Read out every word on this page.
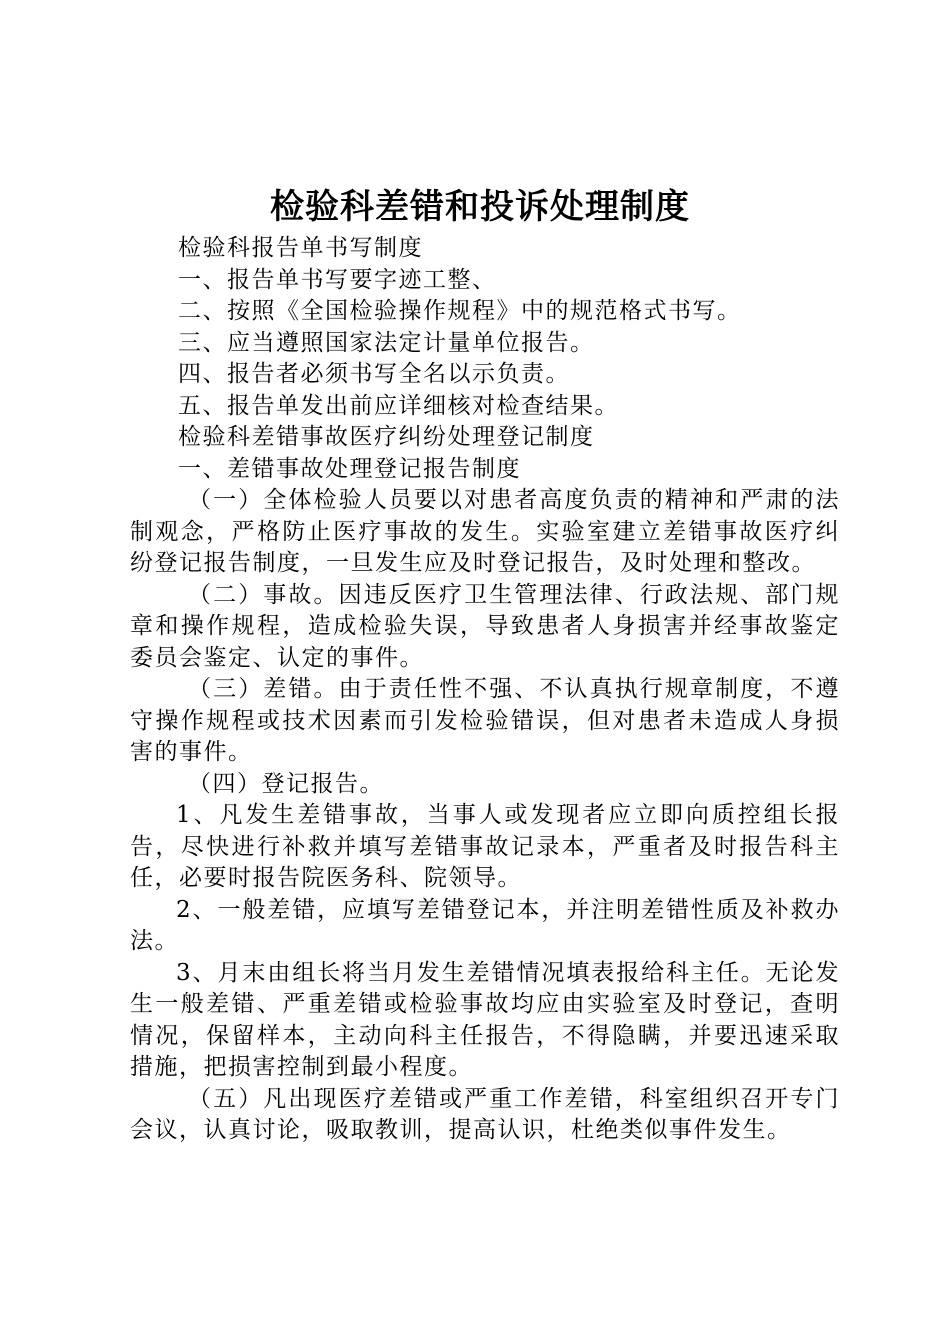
检验科差错和投诉处理制度

检验科报告单书写制度

一、报告单书写要字迹工整、

二、按照《全国检验操作规程》中的规范格式书写。

三、应当遵照国家法定计量单位报告。

四、报告者必须书写全名以示负责。

五、报告单发出前应详细核对检查结果。

检验科差错事故医疗纠纷处理登记制度

一、差错事故处理登记报告制度

（一）全体检验人员要以对患者高度负责的精神和严肃的法制观念，严格防止医疗事故的发生。实验室建立差错事故医疗纠纷登记报告制度，一旦发生应及时登记报告，及时处理和整改。

（二）事故。因违反医疗卫生管理法律、行政法规、部门规章和操作规程，造成检验失误，导致患者人身损害并经事故鉴定委员会鉴定、认定的事件。

（三）差错。由于责任性不强、不认真执行规章制度，不遵守操作规程或技术因素而引发检验错误，但对患者未造成人身损害的事件。

（四）登记报告。

1、凡发生差错事故，当事人或发现者应立即向质控组长报告，尽快进行补救并填写差错事故记录本，严重者及时报告科主任，必要时报告院医务科、院领导。

2、一般差错，应填写差错登记本，并注明差错性质及补救办法。

3、月末由组长将当月发生差错情况填表报给科主任。无论发生一般差错、严重差错或检验事故均应由实验室及时登记，查明情况，保留样本，主动向科主任报告，不得隐瞒，并要迅速采取措施，把损害控制到最小程度。

（五）凡出现医疗差错或严重工作差错，科室组织召开专门会议，认真讨论，吸取教训，提高认识，杜绝类似事件发生。
